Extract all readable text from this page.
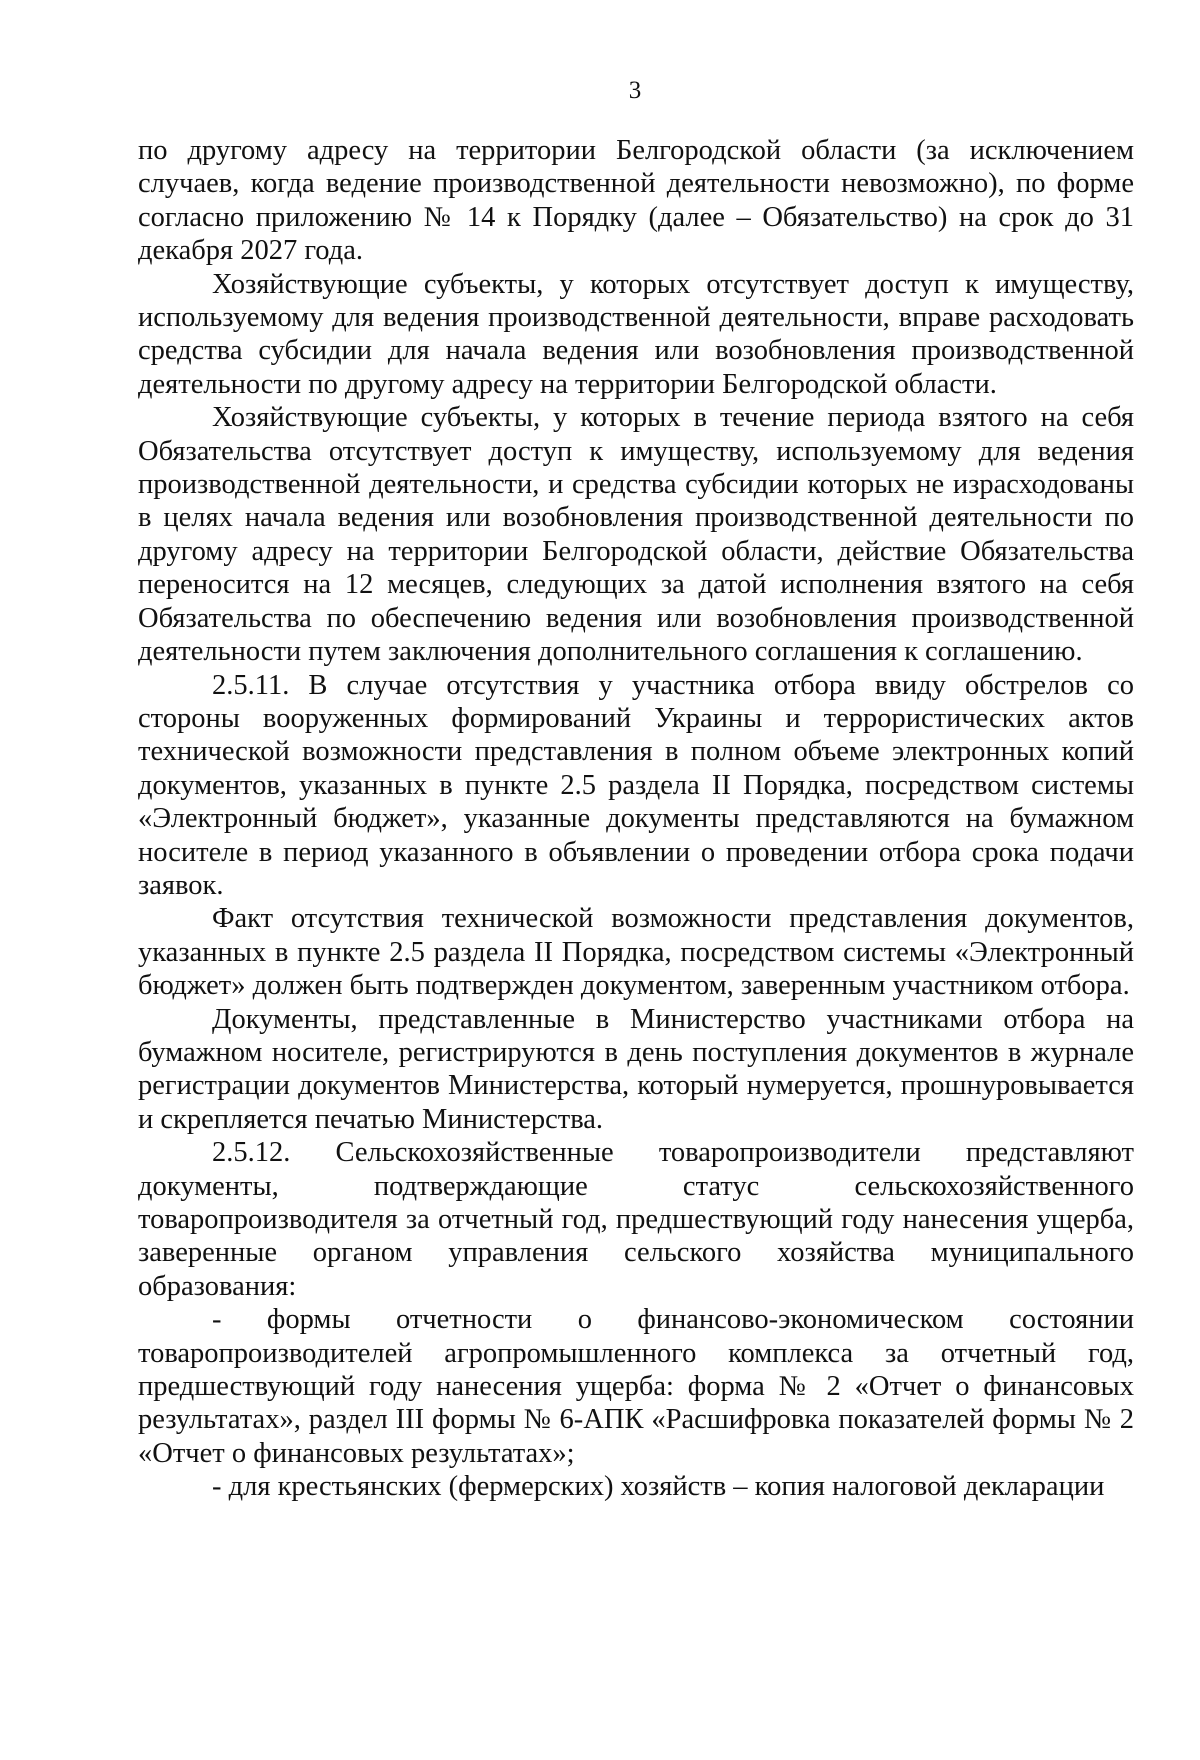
3

по другому адресу на территории Белгородской области (за исключением случаев, когда ведение производственной деятельности невозможно), по форме согласно приложению № 14 к Порядку (далее – Обязательство) на срок до 31 декабря 2027 года.

Хозяйствующие субъекты, у которых отсутствует доступ к имуществу, используемому для ведения производственной деятельности, вправе расходовать средства субсидии для начала ведения или возобновления производственной деятельности по другому адресу на территории Белгородской области.

Хозяйствующие субъекты, у которых в течение периода взятого на себя Обязательства отсутствует доступ к имуществу, используемому для ведения производственной деятельности, и средства субсидии которых не израсходованы в целях начала ведения или возобновления производственной деятельности по другому адресу на территории Белгородской области, действие Обязательства переносится на 12 месяцев, следующих за датой исполнения взятого на себя Обязательства по обеспечению ведения или возобновления производственной деятельности путем заключения дополнительного соглашения к соглашению.

2.5.11. В случае отсутствия у участника отбора ввиду обстрелов со стороны вооруженных формирований Украины и террористических актов технической возможности представления в полном объеме электронных копий документов, указанных в пункте 2.5 раздела II Порядка, посредством системы «Электронный бюджет», указанные документы представляются на бумажном носителе в период указанного в объявлении о проведении отбора срока подачи заявок.

Факт отсутствия технической возможности представления документов, указанных в пункте 2.5 раздела II Порядка, посредством системы «Электронный бюджет» должен быть подтвержден документом, заверенным участником отбора.

Документы, представленные в Министерство участниками отбора на бумажном носителе, регистрируются в день поступления документов в журнале регистрации документов Министерства, который нумеруется, прошнуровывается и скрепляется печатью Министерства.

2.5.12. Сельскохозяйственные товаропроизводители представляют документы, подтверждающие статус сельскохозяйственного товаропроизводителя за отчетный год, предшествующий году нанесения ущерба, заверенные органом управления сельского хозяйства муниципального образования:

- формы отчетности о финансово-экономическом состоянии товаропроизводителей агропромышленного комплекса за отчетный год, предшествующий году нанесения ущерба: форма № 2 «Отчет о финансовых результатах», раздел III формы № 6-АПК «Расшифровка показателей формы № 2 «Отчет о финансовых результатах»;

- для крестьянских (фермерских) хозяйств – копия налоговой декларации
